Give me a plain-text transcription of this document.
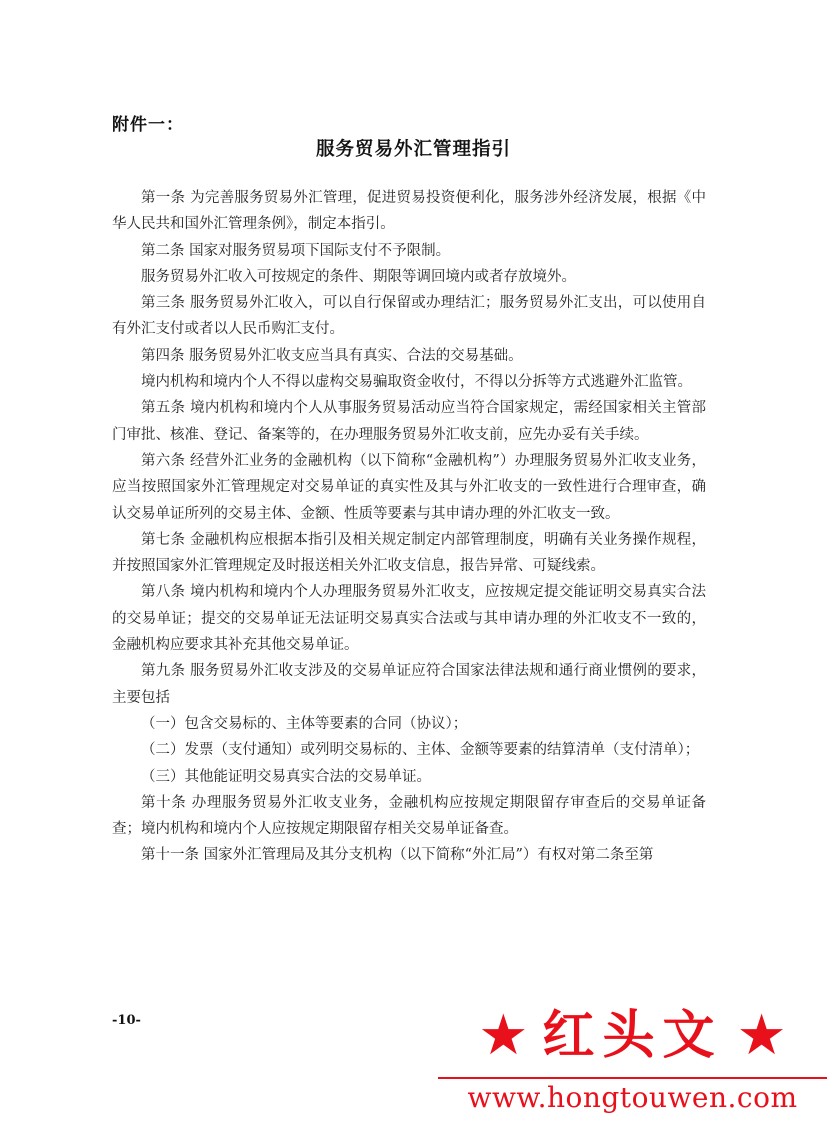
附件一：
服务贸易外汇管理指引

第一条 为完善服务贸易外汇管理，促进贸易投资便利化，服务涉外经济发展，根据《中华人民共和国外汇管理条例》，制定本指引。

第二条 国家对服务贸易项下国际支付不予限制。

服务贸易外汇收入可按规定的条件、期限等调回境内或者存放境外。

第三条 服务贸易外汇收入，可以自行保留或办理结汇；服务贸易外汇支出，可以使用自有外汇支付或者以人民币购汇支付。

第四条 服务贸易外汇收支应当具有真实、合法的交易基础。

境内机构和境内个人不得以虚构交易骗取资金收付，不得以分拆等方式逃避外汇监管。

第五条 境内机构和境内个人从事服务贸易活动应当符合国家规定，需经国家相关主管部门审批、核准、登记、备案等的，在办理服务贸易外汇收支前，应先办妥有关手续。

第六条 经营外汇业务的金融机构（以下简称“金融机构”）办理服务贸易外汇收支业务，应当按照国家外汇管理规定对交易单证的真实性及其与外汇收支的一致性进行合理审查，确认交易单证所列的交易主体、金额、性质等要素与其申请办理的外汇收支一致。

第七条 金融机构应根据本指引及相关规定制定内部管理制度，明确有关业务操作规程，并按照国家外汇管理规定及时报送相关外汇收支信息，报告异常、可疑线索。

第八条 境内机构和境内个人办理服务贸易外汇收支，应按规定提交能证明交易真实合法的交易单证；提交的交易单证无法证明交易真实合法或与其申请办理的外汇收支不一致的，金融机构应要求其补充其他交易单证。

第九条 服务贸易外汇收支涉及的交易单证应符合国家法律法规和通行商业惯例的要求，主要包括

（一）包含交易标的、主体等要素的合同（协议）；

（二）发票（支付通知）或列明交易标的、主体、金额等要素的结算清单（支付清单）；

（三）其他能证明交易真实合法的交易单证。

第十条 办理服务贸易外汇收支业务，金融机构应按规定期限留存审查后的交易单证备查；境内机构和境内个人应按规定期限留存相关交易单证备查。

第十一条 国家外汇管理局及其分支机构（以下简称“外汇局”）有权对第二条至第

-10-	★ 红头文 ★
www.hongtouwen.com
